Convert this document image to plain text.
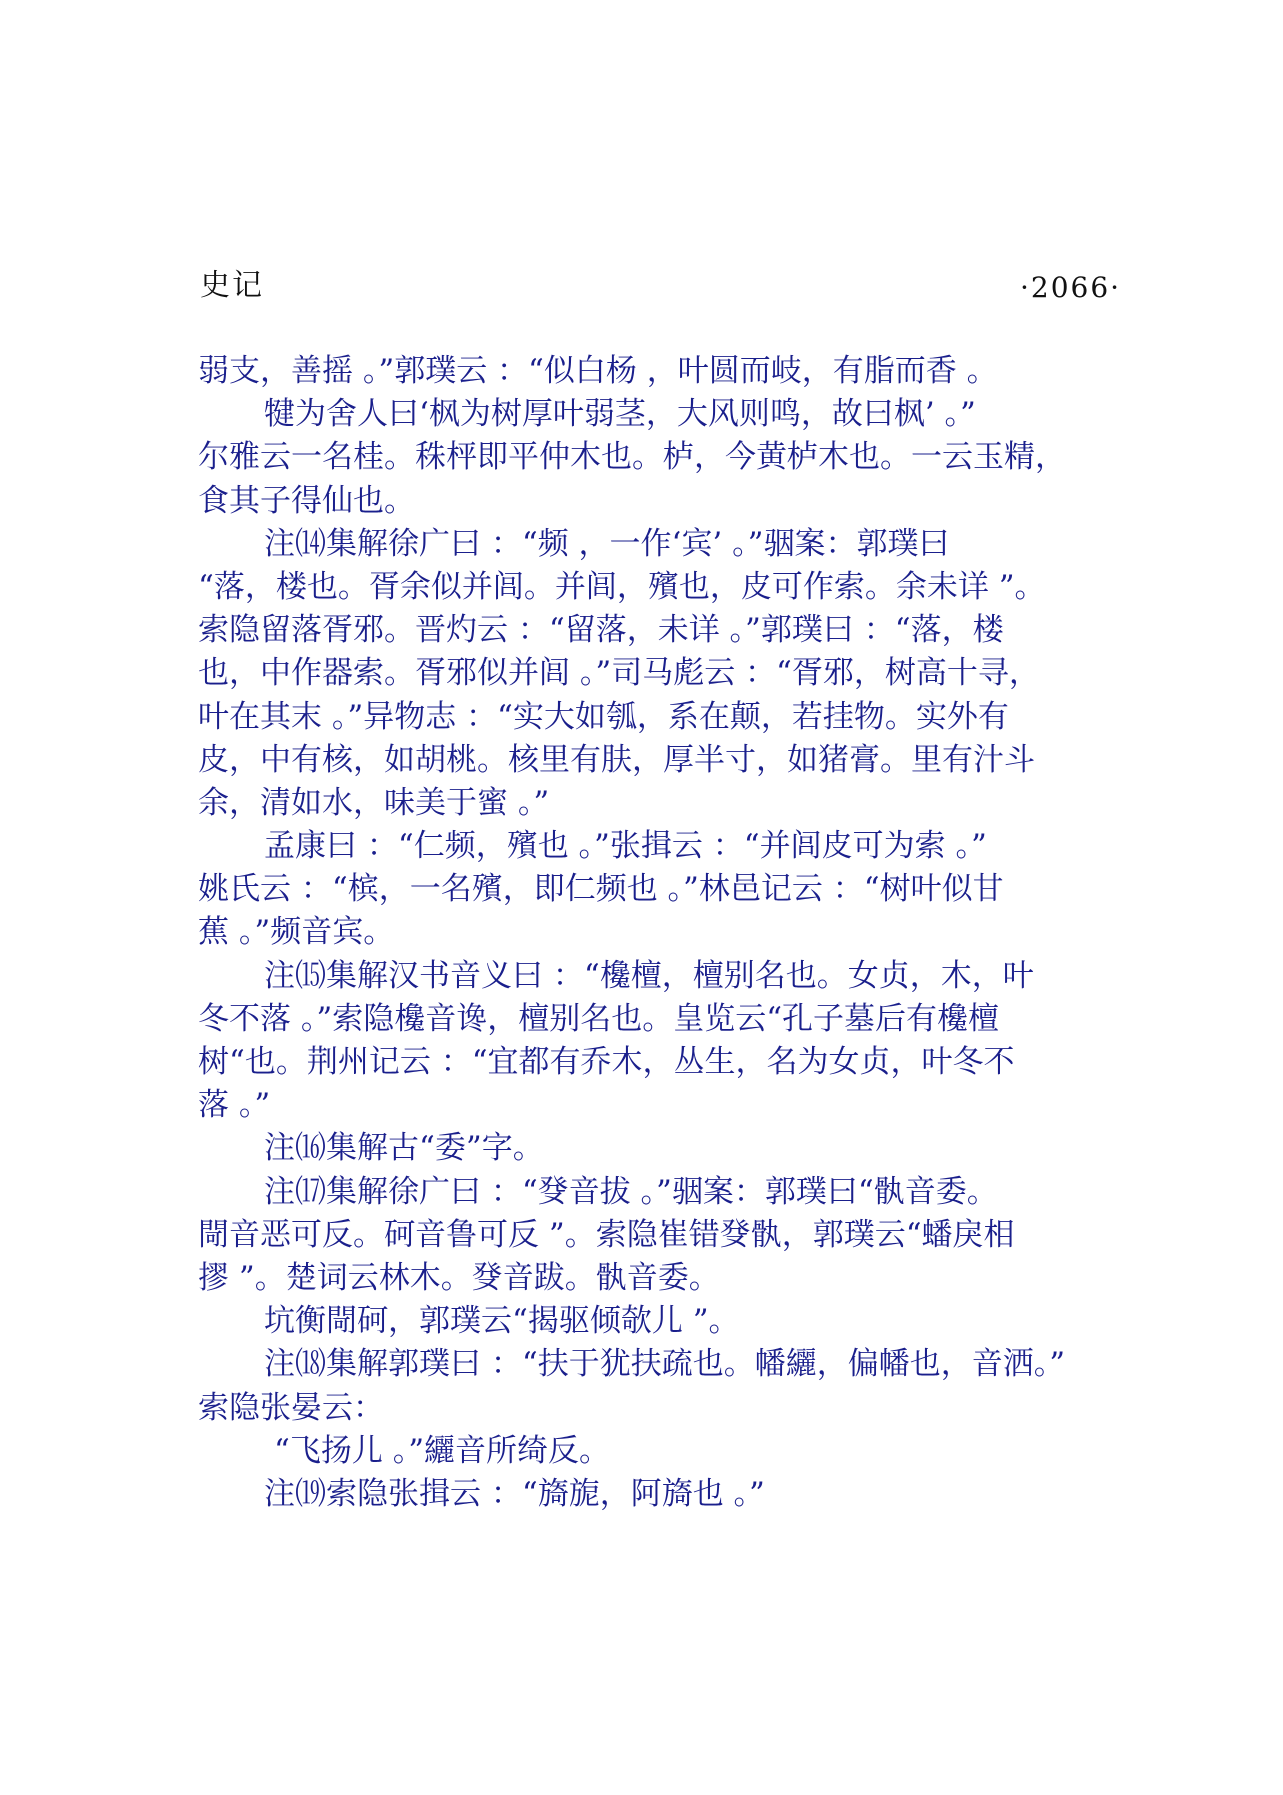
史记	·2066·
弱支，善摇 。”郭璞云 ：“似白杨 ，叶圆而岐，有脂而香 。
犍为舍人曰‘枫为树厚叶弱茎，大风则鸣，故曰枫’ 。”
尔雅云一名桂。秼枰即平仲木也。栌，今黄栌木也。一云玉精，
食其子得仙也。
注⒁集解徐广曰 ：“频 ，一作‘宾’ 。”骃案：郭璞曰
“落，楼也。胥余似并闾。并闾，殯也，皮可作索。余未详 ”。
索隐留落胥邪。晋灼云 ：“留落，未详 。”郭璞曰 ：“落，楼
也，中作器索。胥邪似并闾 。”司马彪云 ：“胥邪，树高十寻，
叶在其末 。”异物志 ：“实大如瓠，系在颠，若挂物。实外有
皮，中有核，如胡桃。核里有肤，厚半寸，如猪膏。里有汁斗
余，清如水，味美于蜜 。”
孟康曰 ：“仁频，殯也 。”张揖云 ：“并闾皮可为索 。”
姚氏云 ：“槟，一名殯，即仁频也 。”林邑记云 ：“树叶似甘
蕉 。”频音宾。
注⒂集解汉书音义曰 ：“欃檀，檀别名也。女贞，木，叶
冬不落 。”索隐欃音谗，檀别名也。皇览云“孔子墓后有欃檀
树“也。荆州记云 ：“宜都有乔木，丛生，名为女贞，叶冬不
落 。”
注⒃集解古“委”字。
注⒄集解徐广曰 ：“癹音拔 。”骃案：郭璞曰“骫音委。
閜音恶可反。砢音鲁可反 ”。索隐崔错癹骫，郭璞云“蟠戾相
摎 ”。楚词云林木。癹音跋。骫音委。
坑衡閜砢，郭璞云“揭驱倾欹儿 ”。
注⒅集解郭璞曰 ：“扶于犹扶疏也。幡纚，偏幡也，音洒。”
索隐张晏云：
“飞扬儿 。”纚音所绮反。
注⒆索隐张揖云 ：“旖旎，阿旖也 。”
